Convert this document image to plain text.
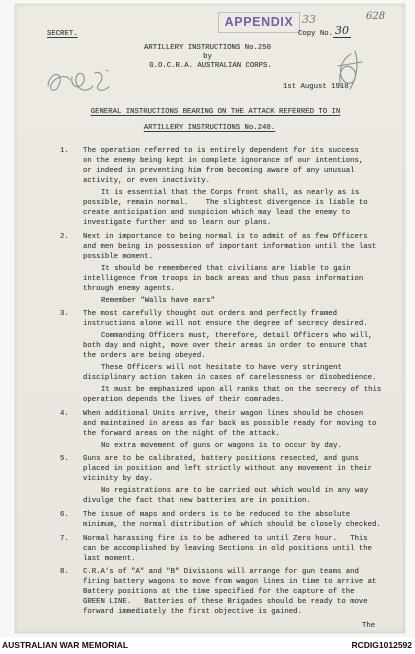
APPENDIX 33	628
SECRET.	Copy No. 30
ARTILLERY INSTRUCTIONS No.250
by
G.O.C.R.A. AUSTRALIAN CORPS.
1st August 1918.
GENERAL INSTRUCTIONS BEARING ON THE ATTACK REFERRED TO IN
ARTILLERY INSTRUCTIONS No.240.
1. The operation referred to is entirely dependent for its success
on the enemy being kept in complete ignorance of our intentions,
or indeed in preventing him from becoming aware of any unusual
activity, or even inactivity.
It is essential that the Corps front shall, as nearly as is
possible, remain normal.    The slightest divergence is liable to
create anticipation and suspicion which may lead the enemy to
investigate further and so learn our plans.
2. Next in importance to being normal is to admit of as few Officers
and men being in possession of important information until the last
possible moment.
It should be remembered that civilians are liable to gain
intelligence from troops in back areas and thus pass information
through enemy agents.
Remember "Walls have ears"
3. The most carefully thought out orders and perfectly framed
instructions alone will not ensure the degree of secrecy desired.
Commanding Officers must, therefore, detail Officers who will,
both day and night, move over their areas in order to ensure that
the orders are being obeyed.
These Officers will not hesitate to have very stringent
disciplinary action taken in cases of carelessness or disobedience.
It must be emphasized upon all ranks that on the secrecy of this
operation depends the lives of their comrades.
4. When additional Units arrive, their wagon lines should be chosen
and maintained in areas as far back as possible ready for moving to
the forward areas on the night of the attack.
No extra movement of guns or wagons is to occur by day.
5. Guns are to be calibrated, battery positions resected, and guns
placed in position and left strictly without any movement in their
vicinity by day.
No registrations are to be carried out which would in any way
divulge the fact that new batteries are in position.
6. The issue of maps and orders is to be reduced to the absolute
minimum, the normal distribution of which should be closely checked.
7. Normal harassing fire is to be adhered to until Zero hour.   This
can be accomplished by leaving Sections in old positions until the
last moment.
8. C.R.A's of "A" and "B" Divisions will arrange for gun teams and
firing battery wagons to move from wagon lines in time to arrive at
Battery positions at the time specified for the capture of the
GREEN LINE.   Batteries of these Brigades should be ready to move
forward immediately the first objective is gained.
The
AUSTRALIAN WAR MEMORIAL	RCDIG1012592
